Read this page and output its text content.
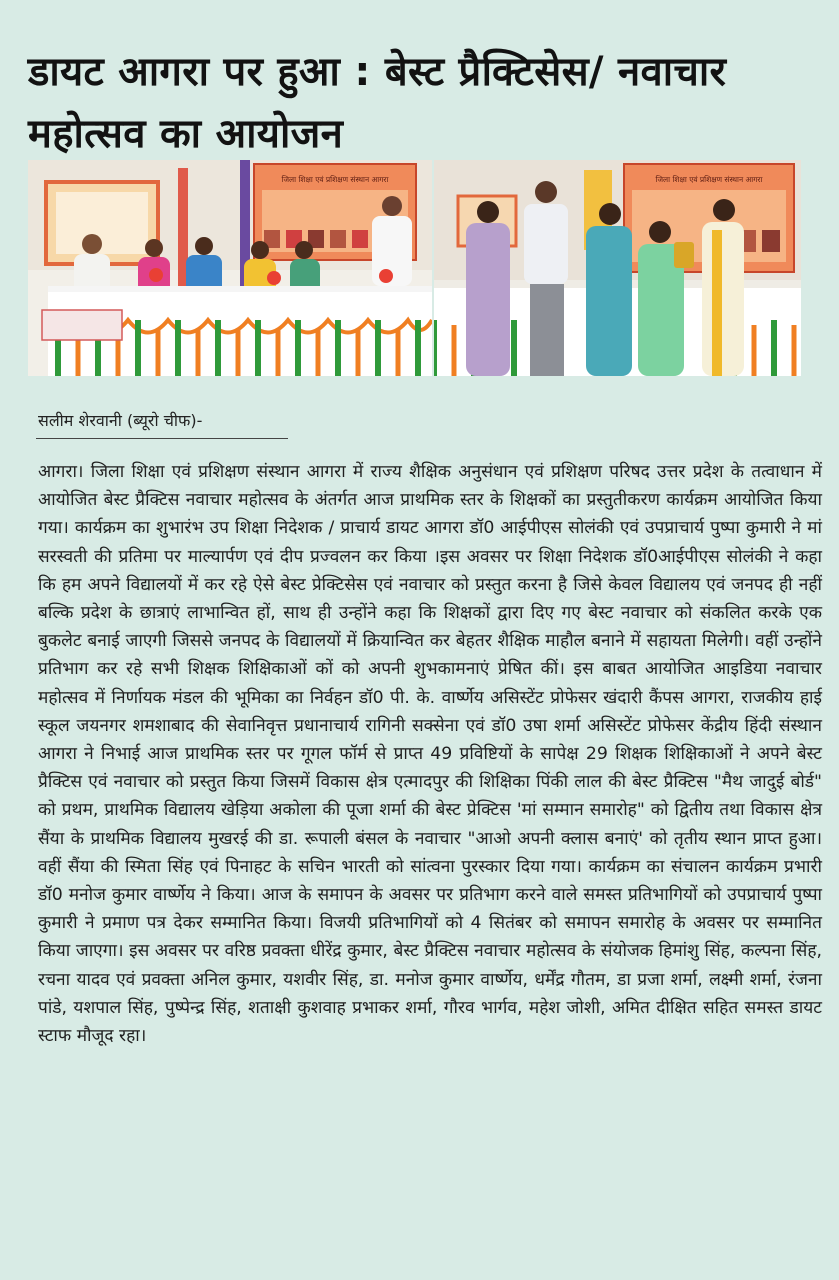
डायट आगरा पर हुआ : बेस्ट प्रैक्टिसेस/ नवाचार महोत्सव का आयोजन
जिला शिक्षा एवं प्रशिक्षण संस्थान आगरा	जिला शिक्षा एवं प्रशिक्षण संस्थान आगरा
सलीम शेरवानी (ब्यूरो चीफ)-
आगरा। जिला शिक्षा एवं प्रशिक्षण संस्थान आगरा में राज्य शैक्षिक अनुसंधान एवं प्रशिक्षण परिषद उत्तर प्रदेश के तत्वाधान में आयोजित बेस्ट प्रैक्टिस नवाचार महोत्सव के अंतर्गत आज प्राथमिक स्तर के शिक्षकों का प्रस्तुतीकरण कार्यक्रम आयोजित किया गया। कार्यक्रम का शुभारंभ उप शिक्षा निदेशक / प्राचार्य डायट आगरा डॉ0 आईपीएस सोलंकी एवं उपप्राचार्य पुष्पा कुमारी ने मां सरस्वती की प्रतिमा पर माल्यार्पण एवं दीप प्रज्वलन कर किया ।इस अवसर पर शिक्षा निदेशक डॉ0आईपीएस सोलंकी ने कहा कि हम अपने विद्यालयों में कर रहे ऐसे बेस्ट प्रेक्टिसेस एवं नवाचार को प्रस्तुत करना है जिसे केवल विद्यालय एवं जनपद ही नहीं बल्कि प्रदेश के छात्राएं लाभान्वित हों, साथ ही उन्होंने कहा कि शिक्षकों द्वारा दिए गए बेस्ट नवाचार को संकलित करके एक बुकलेट बनाई जाएगी जिससे जनपद के विद्यालयों में क्रियान्वित कर बेहतर शैक्षिक माहौल बनाने में सहायता मिलेगी। वहीं उन्होंने प्रतिभाग कर रहे सभी शिक्षक शिक्षिकाओं कों को अपनी शुभकामनाएं प्रेषित कीं। इस बाबत आयोजित आइडिया नवाचार महोत्सव में निर्णायक मंडल की भूमिका का निर्वहन डॉ0 पी. के. वार्ष्णेय असिस्टेंट प्रोफेसर खंदारी कैंपस आगरा, राजकीय हाई स्कूल जयनगर शमशाबाद की सेवानिवृत्त प्रधानाचार्य रागिनी सक्सेना एवं डॉ0 उषा शर्मा असिस्टेंट प्रोफेसर केंद्रीय हिंदी संस्थान आगरा ने निभाई आज प्राथमिक स्तर पर गूगल फॉर्म से प्राप्त 49 प्रविष्टियों के सापेक्ष 29 शिक्षक शिक्षिकाओं ने अपने बेस्ट प्रैक्टिस एवं नवाचार को प्रस्तुत किया जिसमें विकास क्षेत्र एत्मादपुर की शिक्षिका पिंकी लाल की बेस्ट प्रैक्टिस "मैथ जादुई बोर्ड" को प्रथम, प्राथमिक विद्यालय खेड़िया अकोला की पूजा शर्मा की बेस्ट प्रेक्टिस 'मां सम्मान समारोह" को द्वितीय तथा विकास क्षेत्र सैंया के प्राथमिक विद्यालय मुखरई की डा. रूपाली बंसल के नवाचार "आओ अपनी क्लास बनाएं' को तृतीय स्थान प्राप्त हुआ। वहीं सैंया की स्मिता सिंह एवं पिनाहट के सचिन भारती को सांत्वना पुरस्कार दिया गया। कार्यक्रम का संचालन कार्यक्रम प्रभारी डॉ0 मनोज कुमार वार्ष्णेय ने किया। आज के समापन के अवसर पर प्रतिभाग करने वाले समस्त प्रतिभागियों को उपप्राचार्य पुष्पा कुमारी ने प्रमाण पत्र देकर सम्मानित किया। विजयी प्रतिभागियों को 4 सितंबर को समापन समारोह के अवसर पर सम्मानित किया जाएगा। इस अवसर पर वरिष्ठ प्रवक्ता धीरेंद्र कुमार, बेस्ट प्रैक्टिस नवाचार महोत्सव के संयोजक हिमांशु सिंह, कल्पना सिंह, रचना यादव एवं प्रवक्ता अनिल कुमार, यशवीर सिंह, डा. मनोज कुमार वार्ष्णेय, धर्मेंद्र गौतम, डा प्रजा शर्मा, लक्ष्मी शर्मा, रंजना पांडे, यशपाल सिंह, पुष्पेन्द्र सिंह, शताक्षी कुशवाह प्रभाकर शर्मा, गौरव भार्गव, महेश जोशी, अमित दीक्षित सहित समस्त डायट स्टाफ मौजूद रहा।
